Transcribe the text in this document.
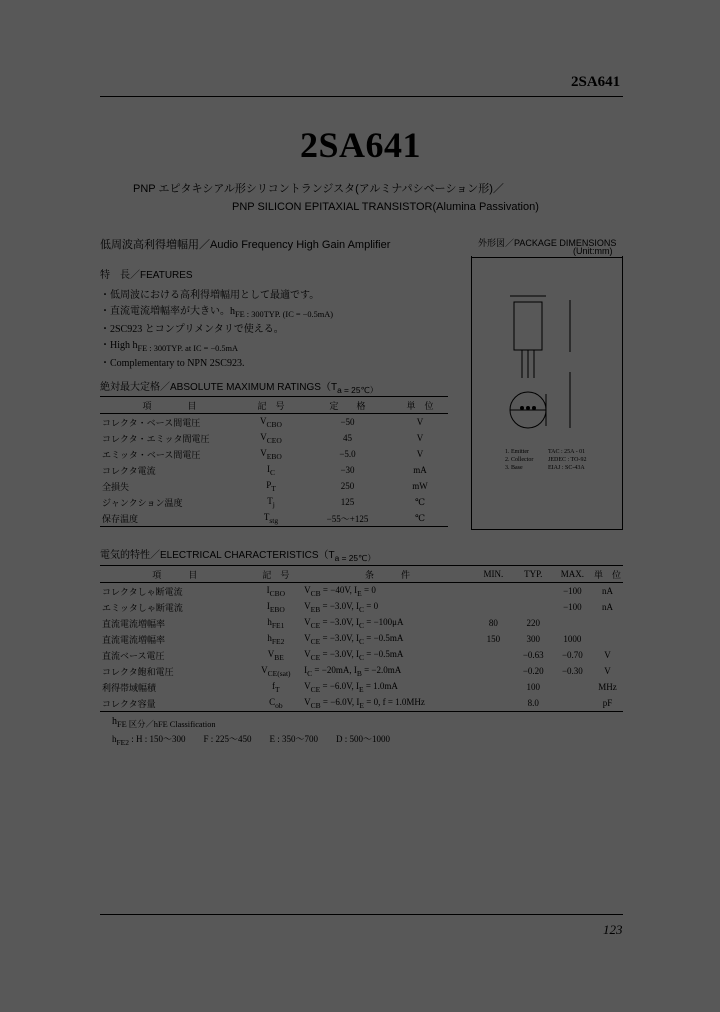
2SA641
2SA641
PNP エピタキシアル形シリコントランジスタ(アルミナパシベーション形)／
PNP SILICON EPITAXIAL TRANSISTOR(Alumina Passivation)
低周波高利得増幅用／Audio Frequency High Gain Amplifier
特　長／FEATURES
・低周波における高利得増幅用として最適です。
・直流電流増幅率が大きい。$h_{FE : 300TYP. (IC = -0.5mA)}$
・2SC923 とコンプリメンタリで使える。
・High $h_{FE : 300TYP. at IC = -0.5mA}$
・Complementary to NPN 2SC923.
外形図／PACKAGE DIMENSIONS
(Unit:mm)
1. Emitter
2. Collector
3. Base
TAC : 25A - 01
JEDEC : TO-92
EIAJ : SC-43A
絶対最大定格／ABSOLUTE MAXIMUM $RATINGS(T_{a = 25℃)}$
項　　　　目	記　号	定　　格	単　位
コレクタ・ベース間電圧	$V_{CBO}$	−50	V
コレクタ・エミッタ間電圧	$V_{CEO}$	45	V
エミッタ・ベース間電圧	$V_{EBO}$	−5.0	V
コレクタ電流	$I_C$	−30	mA
全損失	$P_T$	250	mW
ジャンクション温度	$T_j$	125	℃
保存温度	$T_{stg}$	−55～+125	℃
電気的特性／ELECTRICAL $CHARACTERISTICS(T_{a = 25℃)}$
項　　　目	記　号	条　　　件	MIN.	TYP.	MAX.	単　位
コレクタしゃ断電流	$I_{CBO}$	$V_{CB} = -40V$, $I_E = 0$			−100	nA
エミッタしゃ断電流	$I_{EBO}$	$V_{EB} = -3.0V$, $I_C = 0$			−100	nA
直流電流増幅率	$h_{FE1}$	$V_{CE} = -3.0V$, $I_C = -100\mu A$	80	220		
直流電流増幅率	$h_{FE2}$	$V_{CE} = -3.0V$, $I_C = -0.5mA$	150	300	1000	
直流ベース電圧	$V_{BE}$	$V_{CE} = -3.0V$, $I_C = -0.5mA$		−0.63	−0.70	V
コレクタ飽和電圧	$V_{CE(sat)}$	$I_C = -20mA$, $I_B = -2.0mA$		−0.20	−0.30	V
利得帯域幅積	$f_T$	$V_{CE} = -6.0V$, $I_E = 1.0mA$		100		MHz
コレクタ容量	$C_{ob}$	$V_{CB} = -6.0V$, $I_E = 0$, f = 1.0MHz		8.0		pF
$h_{FE 区分/hFE Classification}$
$h_{FE2}$ : H : 150～300　　F : 225～450　　E : 350～700　　D : 500～1000
123
